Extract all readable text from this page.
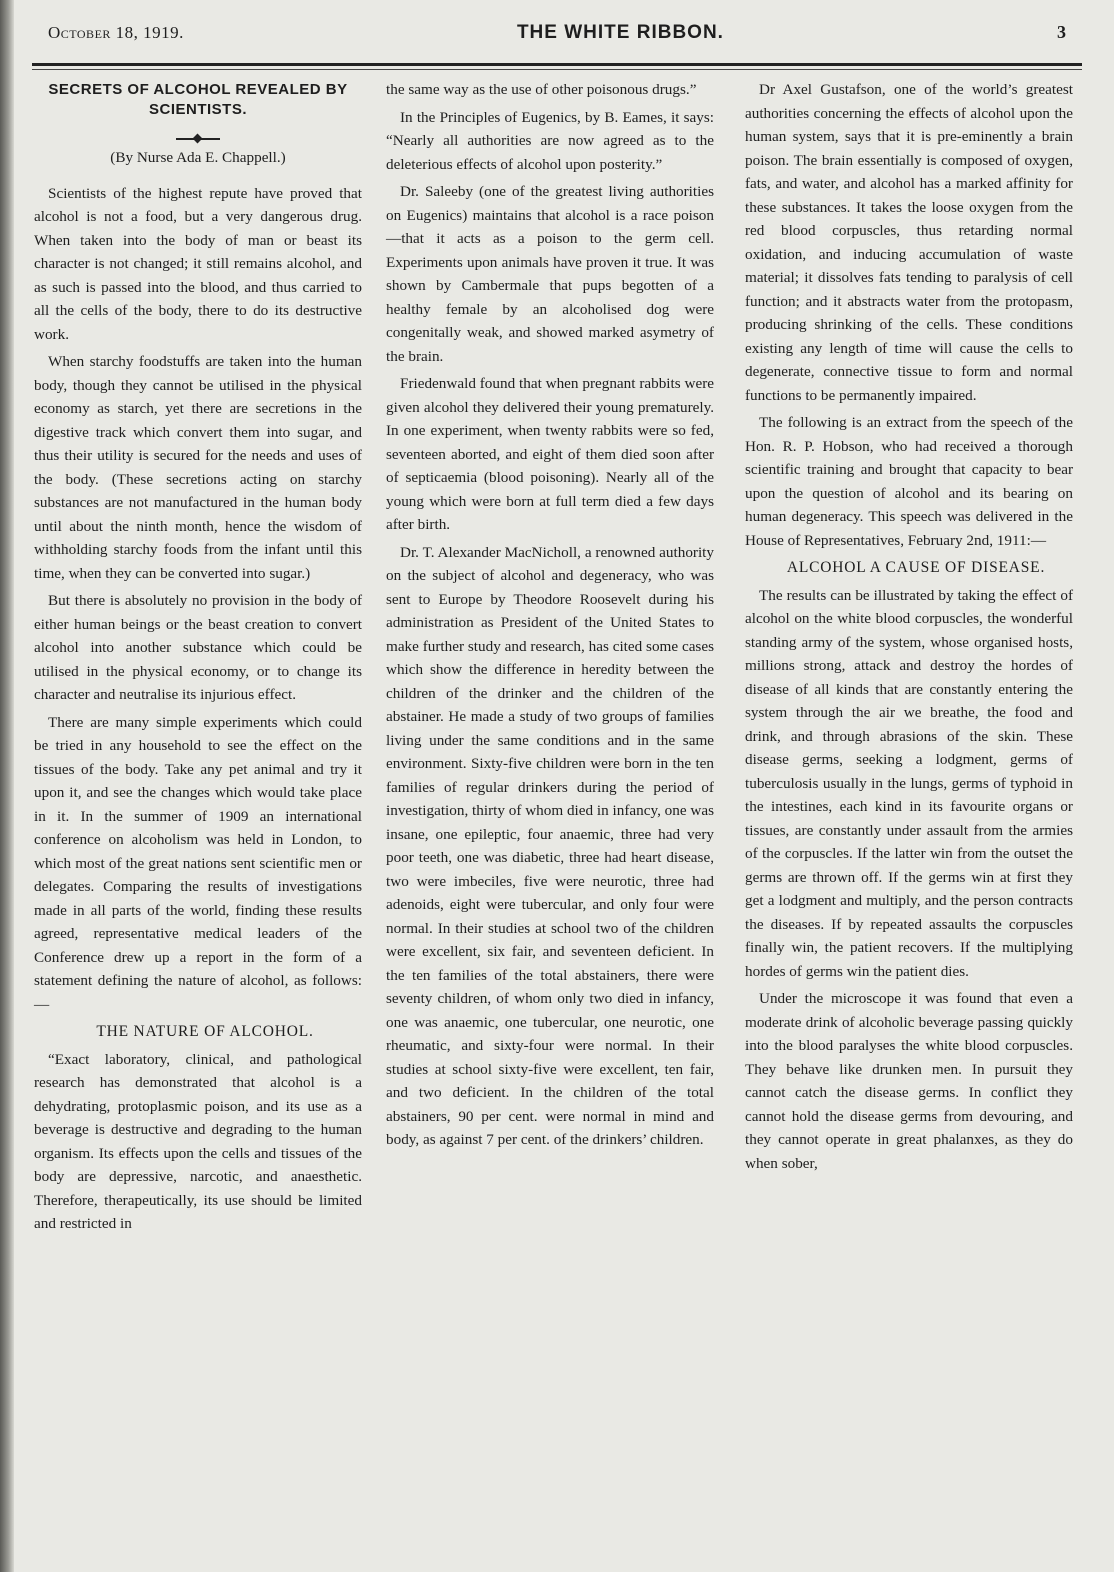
October 18, 1919.	THE WHITE RIBBON.	3
SECRETS OF ALCOHOL REVEALED BY SCIENTISTS.
(By Nurse Ada E. Chappell.)

Scientists of the highest repute have proved that alcohol is not a food, but a very dangerous drug. When taken into the body of man or beast its character is not changed; it still remains alcohol, and as such is passed into the blood, and thus carried to all the cells of the body, there to do its destructive work.

When starchy foodstuffs are taken into the human body, though they cannot be utilised in the physical economy as starch, yet there are secretions in the digestive track which convert them into sugar, and thus their utility is secured for the needs and uses of the body. (These secretions acting on starchy substances are not manufactured in the human body until about the ninth month, hence the wisdom of withholding starchy foods from the infant until this time, when they can be converted into sugar.)

But there is absolutely no provision in the body of either human beings or the beast creation to convert alcohol into another substance which could be utilised in the physical economy, or to change its character and neutralise its injurious effect.

There are many simple experiments which could be tried in any household to see the effect on the tissues of the body. Take any pet animal and try it upon it, and see the changes which would take place in it. In the summer of 1909 an international conference on alcoholism was held in London, to which most of the great nations sent scientific men or delegates. Comparing the results of investigations made in all parts of the world, finding these results agreed, representative medical leaders of the Conference drew up a report in the form of a statement defining the nature of alcohol, as follows:—

THE NATURE OF ALCOHOL.

“Exact laboratory, clinical, and pathological research has demonstrated that alcohol is a dehydrating, protoplasmic poison, and its use as a beverage is destructive and degrading to the human organism. Its effects upon the cells and tissues of the body are depressive, narcotic, and anaesthetic. Therefore, therapeutically, its use should be limited and restricted in

the same way as the use of other poisonous drugs.”

In the Principles of Eugenics, by B. Eames, it says: “Nearly all authorities are now agreed as to the deleterious effects of alcohol upon posterity.”

Dr. Saleeby (one of the greatest living authorities on Eugenics) maintains that alcohol is a race poison—that it acts as a poison to the germ cell. Experiments upon animals have proven it true. It was shown by Cambermale that pups begotten of a healthy female by an alcoholised dog were congenitally weak, and showed marked asymetry of the brain.

Friedenwald found that when pregnant rabbits were given alcohol they delivered their young prematurely. In one experiment, when twenty rabbits were so fed, seventeen aborted, and eight of them died soon after of septicaemia (blood poisoning). Nearly all of the young which were born at full term died a few days after birth.

Dr. T. Alexander MacNicholl, a renowned authority on the subject of alcohol and degeneracy, who was sent to Europe by Theodore Roosevelt during his administration as President of the United States to make further study and research, has cited some cases which show the difference in heredity between the children of the drinker and the children of the abstainer. He made a study of two groups of families living under the same conditions and in the same environment. Sixty-five children were born in the ten families of regular drinkers during the period of investigation, thirty of whom died in infancy, one was insane, one epileptic, four anaemic, three had very poor teeth, one was diabetic, three had heart disease, two were imbeciles, five were neurotic, three had adenoids, eight were tubercular, and only four were normal. In their studies at school two of the children were excellent, six fair, and seventeen deficient. In the ten families of the total abstainers, there were seventy children, of whom only two died in infancy, one was anaemic, one tubercular, one neurotic, one rheumatic, and sixty-four were normal. In their studies at school sixty-five were excellent, ten fair, and two deficient. In the children of the total abstainers, 90 per cent. were normal in mind and body, as against 7 per cent. of the drinkers’ children.

Dr Axel Gustafson, one of the world’s greatest authorities concerning the effects of alcohol upon the human system, says that it is pre-eminently a brain poison. The brain essentially is composed of oxygen, fats, and water, and alcohol has a marked affinity for these substances. It takes the loose oxygen from the red blood corpuscles, thus retarding normal oxidation, and inducing accumulation of waste material; it dissolves fats tending to paralysis of cell function; and it abstracts water from the protopasm, producing shrinking of the cells. These conditions existing any length of time will cause the cells to degenerate, connective tissue to form and normal functions to be permanently impaired.

The following is an extract from the speech of the Hon. R. P. Hobson, who had received a thorough scientific training and brought that capacity to bear upon the question of alcohol and its bearing on human degeneracy. This speech was delivered in the House of Representatives, February 2nd, 1911:—

ALCOHOL A CAUSE OF DISEASE.

The results can be illustrated by taking the effect of alcohol on the white blood corpuscles, the wonderful standing army of the system, whose organised hosts, millions strong, attack and destroy the hordes of disease of all kinds that are constantly entering the system through the air we breathe, the food and drink, and through abrasions of the skin. These disease germs, seeking a lodgment, germs of tuberculosis usually in the lungs, germs of typhoid in the intestines, each kind in its favourite organs or tissues, are constantly under assault from the armies of the corpuscles. If the latter win from the outset the germs are thrown off. If the germs win at first they get a lodgment and multiply, and the person contracts the diseases. If by repeated assaults the corpuscles finally win, the patient recovers. If the multiplying hordes of germs win the patient dies.

Under the microscope it was found that even a moderate drink of alcoholic beverage passing quickly into the blood paralyses the white blood corpuscles. They behave like drunken men. In pursuit they cannot catch the disease germs. In conflict they cannot hold the disease germs from devouring, and they cannot operate in great phalanxes, as they do when sober,
